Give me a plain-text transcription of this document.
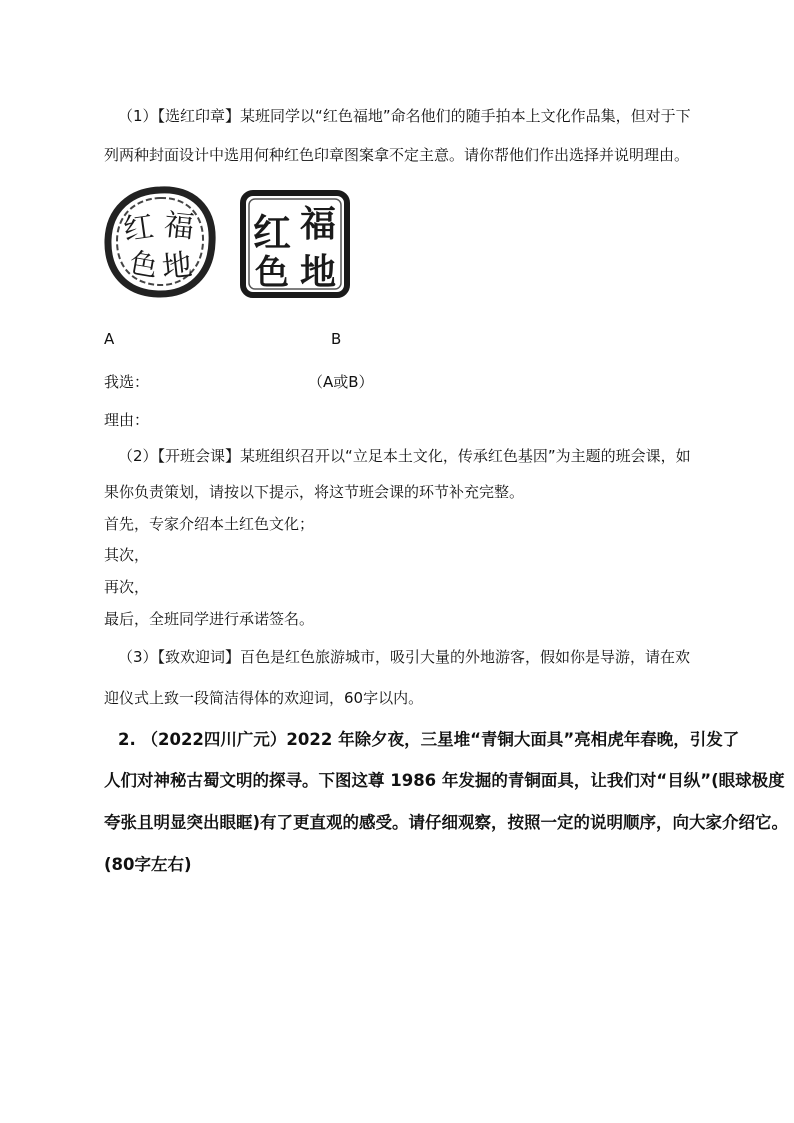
（1）【选红印章】某班同学以“红色福地”命名他们的随手拍本上文化作品集，但对于下
列两种封面设计中选用何种红色印章图案拿不定主意。请你帮他们作出选择并说明理由。
红 福
色 地
红 福
色 地
A	B
我选：	（A或B）
理由：
（2）【开班会课】某班组织召开以“立足本土文化，传承红色基因”为主题的班会课，如
果你负责策划，请按以下提示，将这节班会课的环节补充完整。
首先，专家介绍本土红色文化；
其次，
再次，
最后，全班同学进行承诺签名。
（3）【致欢迎词】百色是红色旅游城市，吸引大量的外地游客，假如你是导游，请在欢
迎仪式上致一段简洁得体的欢迎词，60字以内。
2. （2022四川广元）2022 年除夕夜，三星堆“青铜大面具”亮相虎年春晚，引发了
人们对神秘古蜀文明的探寻。下图这尊 1986 年发掘的青铜面具，让我们对“目纵”(眼球极度
夸张且明显突出眼眶)有了更直观的感受。请仔细观察，按照一定的说明顺序，向大家介绍它。
(80字左右)
